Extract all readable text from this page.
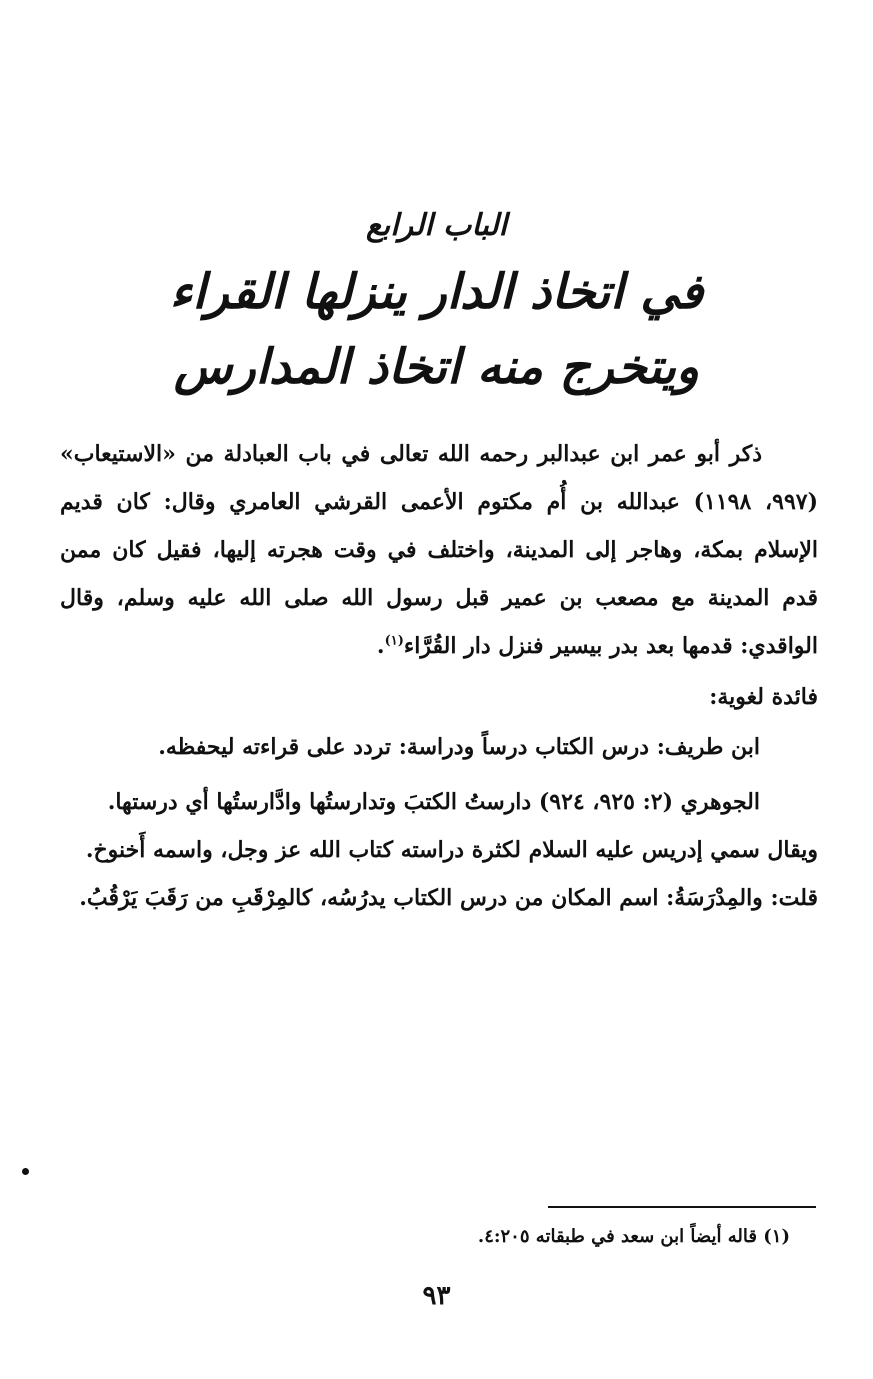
الباب الرابع
في اتخاذ الدار ينزلها القراء
ويتخرج منه اتخاذ المدارس

ذكر أبو عمر ابن عبدالبر رحمه الله تعالى في باب العبادلة من «الاستيعاب» (٩٩٧، ١١٩٨) عبدالله بن أُم مكتوم الأعمى القرشي العامري وقال: كان قديم الإسلام بمكة، وهاجر إلى المدينة، واختلف في وقت هجرته إليها، فقيل كان ممن قدم المدينة مع مصعب بن عمير قبل رسول الله صلى الله عليه وسلم، وقال الواقدي: قدمها بعد بدر بيسير فنزل دار القُرَّاء$^{(١)}$.

فائدة لغوية:

ابن طريف: درس الكتاب درساً ودراسة: تردد على قراءته ليحفظه.

الجوهري (٢: ٩٢٥، ٩٢٤) دارستُ الكتبَ وتدارستُها وادَّارستُها أي درستها.

ويقال سمي إدريس عليه السلام لكثرة دراسته كتاب الله عز وجل، واسمه أَخنوخ.

قلت: والمِدْرَسَةُ: اسم المكان من درس الكتاب يدرُسُه، كالمِرْقَبِ من رَقَبَ يَرْقُبُ.

(١) قاله أيضاً ابن سعد في طبقاته ٤:٢٠٥.
٩٣
